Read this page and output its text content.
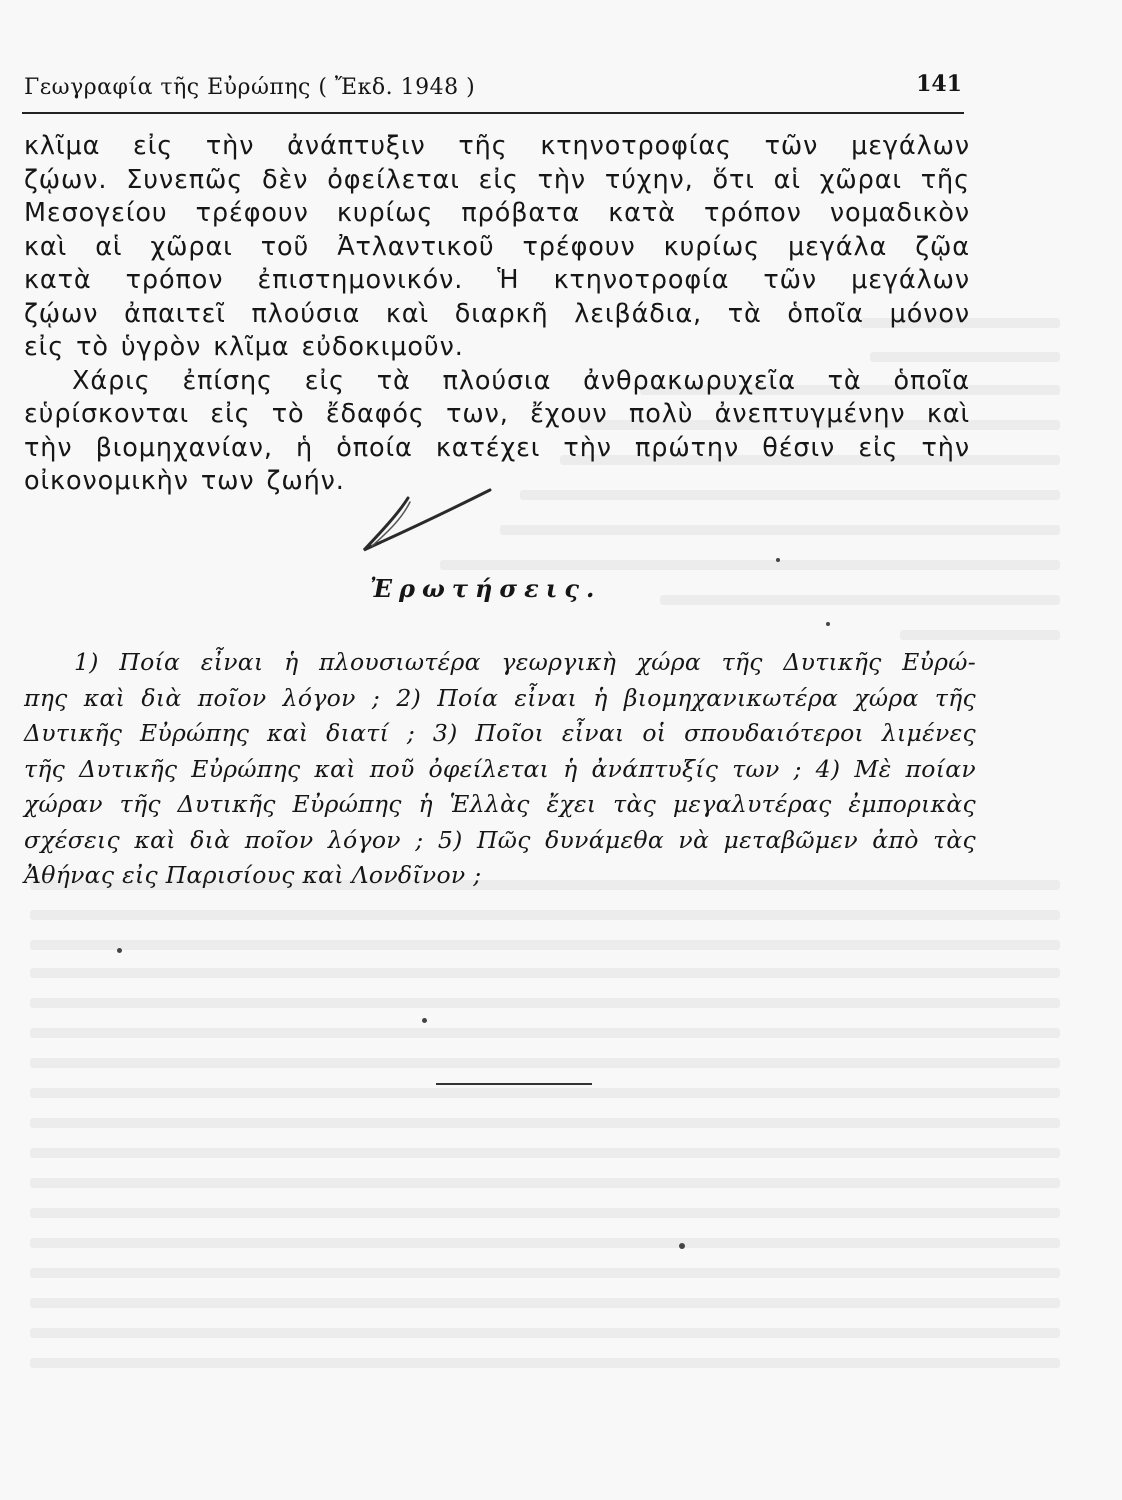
Γεωγραφία τῆς Εὐρώπης ( Ἔκδ. 1948 )	141

κλῖμα εἰς τὴν ἀνάπτυξιν τῆς κτηνοτροφίας τῶν μεγάλων
ζῴων. Συνεπῶς δὲν ὀφείλεται εἰς τὴν τύχην, ὅτι αἱ χῶραι τῆς
Μεσογείου τρέφουν κυρίως πρόβατα κατὰ τρόπον νομαδικὸν
καὶ αἱ χῶραι τοῦ Ἀτλαντικοῦ τρέφουν κυρίως μεγάλα ζῷα
κατὰ τρόπον ἐπιστημονικόν. Ἡ κτηνοτροφία τῶν μεγάλων
ζῴων ἀπαιτεῖ πλούσια καὶ διαρκῆ λειβάδια, τὰ ὁποῖα μόνον
εἰς τὸ ὑγρὸν κλῖμα εὐδοκιμοῦν.

Χάρις ἐπίσης εἰς τὰ πλούσια ἀνθρακωρυχεῖα τὰ ὁποῖα
εὑρίσκονται εἰς τὸ ἔδαφός των, ἔχουν πολὺ ἀνεπτυγμένην καὶ
τὴν βιομηχανίαν, ἡ ὁποία κατέχει τὴν πρώτην θέσιν εἰς τὴν
οἰκονομικὴν των ζωήν.

Ἐρωτήσεις.
1) Ποία εἶναι ἡ πλουσιωτέρα γεωργικὴ χώρα τῆς Δυτικῆς Εὐρώ-
πης καὶ διὰ ποῖον λόγον ; 2) Ποία εἶναι ἡ βιομηχανικωτέρα χώρα τῆς
Δυτικῆς Εὐρώπης καὶ διατί ; 3) Ποῖοι εἶναι οἱ σπουδαιότεροι λιμένες
τῆς Δυτικῆς Εὐρώπης καὶ ποῦ ὀφείλεται ἡ ἀνάπτυξίς των ; 4) Μὲ ποίαν
χώραν τῆς Δυτικῆς Εὐρώπης ἡ Ἑλλὰς ἔχει τὰς μεγαλυτέρας ἐμπορικὰς
σχέσεις καὶ διὰ ποῖον λόγον ; 5) Πῶς δυνάμεθα νὰ μεταβῶμεν ἀπὸ τὰς
Ἀθήνας εἰς Παρισίους καὶ Λονδῖνον ;
